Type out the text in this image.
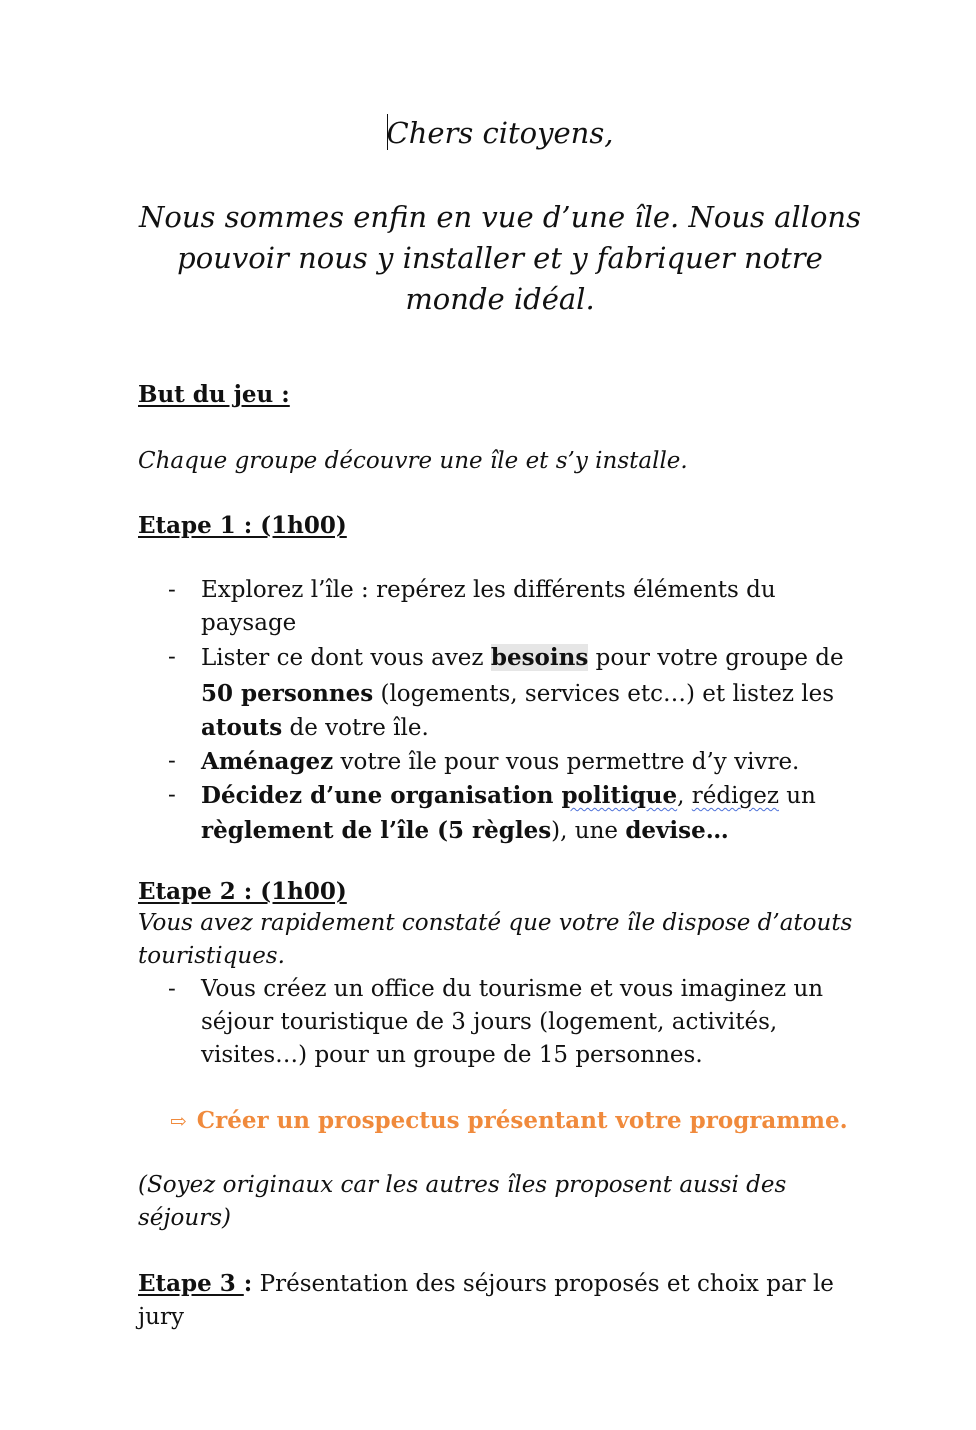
Chers citoyens,
Nous sommes enfin en vue d’une île. Nous allons
pouvoir nous y installer et y fabriquer notre
monde idéal.
But du jeu :
Chaque groupe découvre une île et s’y installe.
Etape 1 : (1h00)
- Explorez l’île : repérez les différents éléments du
paysage
- Lister ce dont vous avez besoins pour votre groupe de
50 personnes (logements, services etc…) et listez les
atouts de votre île.
- Aménagez votre île pour vous permettre d’y vivre.
- Décidez d’une organisation politique, rédigez un
règlement de l’île (5 règles), une devise…
Etape 2 : (1h00)
Vous avez rapidement constaté que votre île dispose d’atouts
touristiques.
- Vous créez un office du tourisme et vous imaginez un
séjour touristique de 3 jours (logement, activités,
visites…) pour un groupe de 15 personnes.
⇨ Créer un prospectus présentant votre programme.
(Soyez originaux car les autres îles proposent aussi des
séjours)
Etape 3 : Présentation des séjours proposés et choix par le
jury
